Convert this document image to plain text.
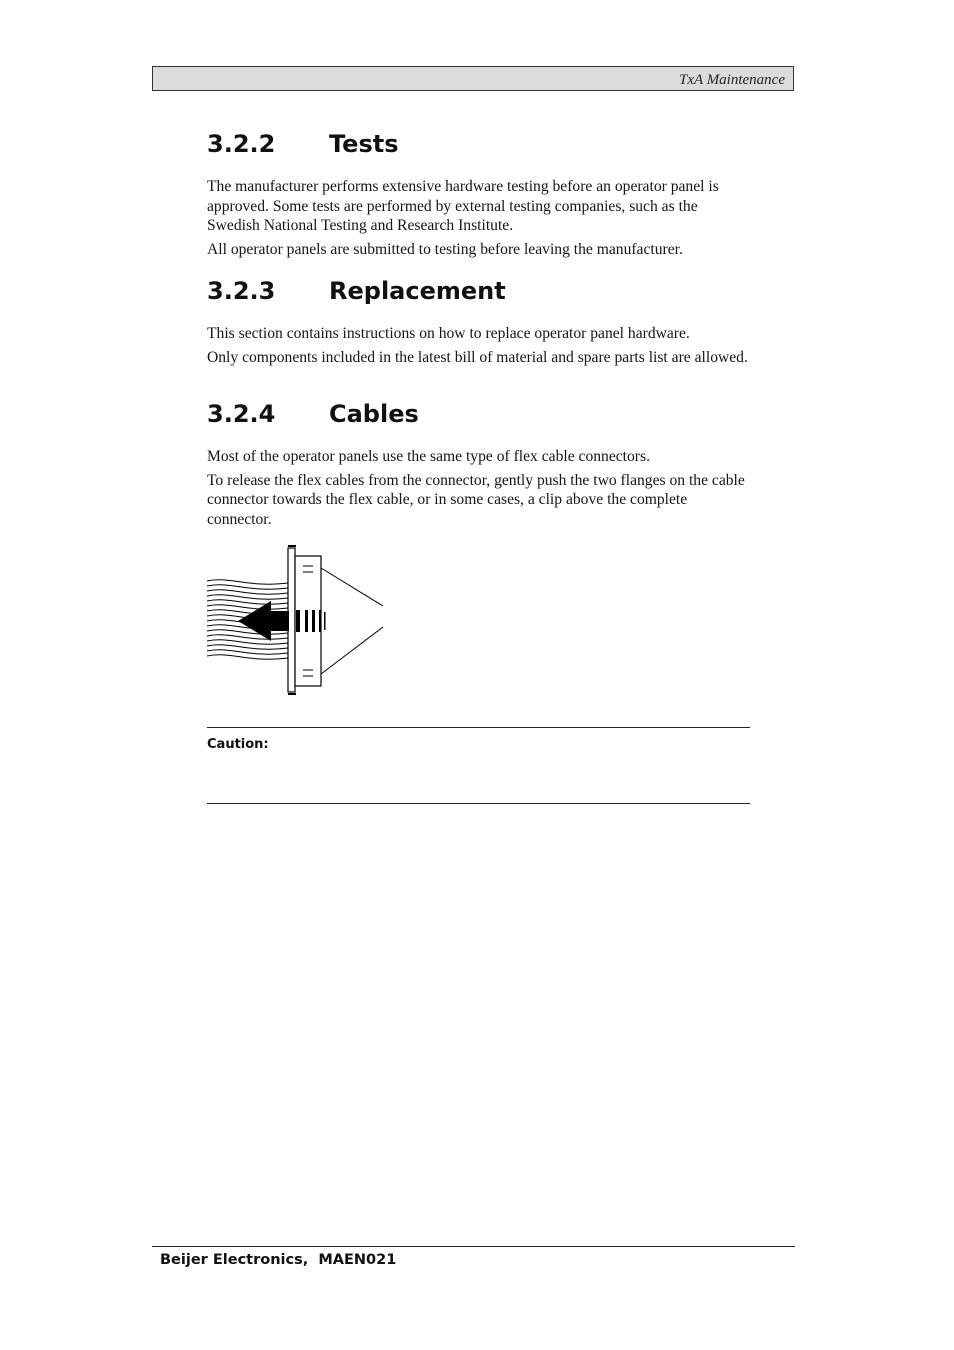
TxA Maintenance
3.2.2 Tests

The manufacturer performs extensive hardware testing before an operator panel is approved. Some tests are performed by external testing companies, such as the Swedish National Testing and Research Institute.

All operator panels are submitted to testing before leaving the manufacturer.

3.2.3 Replacement

This section contains instructions on how to replace operator panel hardware.

Only components included in the latest bill of material and spare parts list are allowed.

3.2.4 Cables

Most of the operator panels use the same type of flex cable connectors.

To release the flex cables from the connector, gently push the two flanges on the cable connector towards the flex cable, or in some cases, a clip above the complete connector.

Caution:
Beijer Electronics,  MAEN021
